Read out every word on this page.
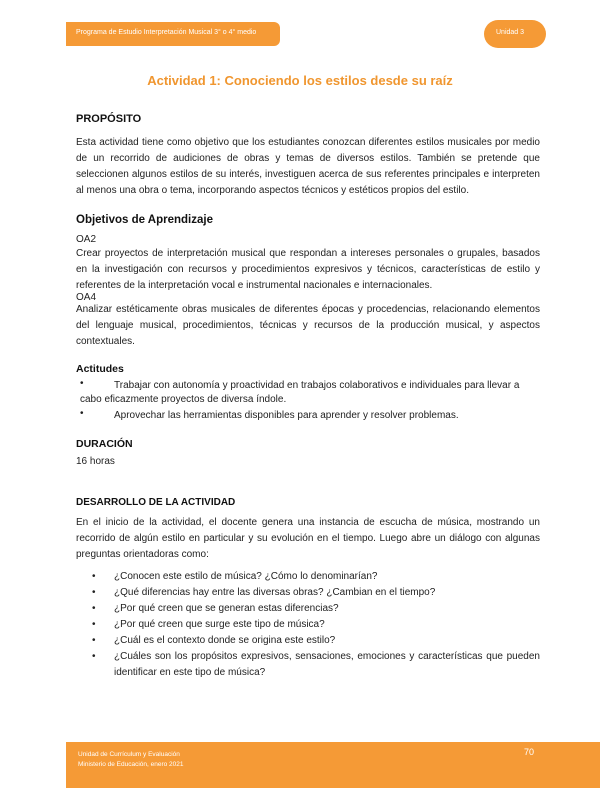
Programa de Estudio Interpretación Musical 3° o 4° medio	Unidad 3
Actividad 1: Conociendo los estilos desde su raíz
PROPÓSITO

Esta actividad tiene como objetivo que los estudiantes conozcan diferentes estilos musicales por medio de un recorrido de audiciones de obras y temas de diversos estilos. También se pretende que seleccionen algunos estilos de su interés, investiguen acerca de sus referentes principales e interpreten al menos una obra o tema, incorporando aspectos técnicos y estéticos propios del estilo.

Objetivos de Aprendizaje
OA2

Crear proyectos de interpretación musical que respondan a intereses personales o grupales, basados en la investigación con recursos y procedimientos expresivos y técnicos, características de estilo y referentes de la interpretación vocal e instrumental nacionales e internacionales.

OA4

Analizar estéticamente obras musicales de diferentes épocas y procedencias, relacionando elementos del lenguaje musical, procedimientos, técnicas y recursos de la producción musical, y aspectos contextuales.

Actitudes
•	Trabajar con autonomía y proactividad en trabajos colaborativos e individuales para llevar a
cabo eficazmente proyectos de diversa índole.
•	Aprovechar las herramientas disponibles para aprender y resolver problemas.
DURACIÓN
16 horas
DESARROLLO DE LA ACTIVIDAD

En el inicio de la actividad, el docente genera una instancia de escucha de música, mostrando un recorrido de algún estilo en particular y su evolución en el tiempo. Luego abre un diálogo con algunas preguntas orientadoras como:

• ¿Conocen este estilo de música? ¿Cómo lo denominarían?
• ¿Qué diferencias hay entre las diversas obras? ¿Cambian en el tiempo?
• ¿Por qué creen que se generan estas diferencias?
• ¿Por qué creen que surge este tipo de música?
• ¿Cuál es el contexto donde se origina este estilo?
• ¿Cuáles son los propósitos expresivos, sensaciones, emociones y características que pueden identificar en este tipo de música?
Unidad de Currículum y Evaluación
Ministerio de Educación, enero 2021
70
